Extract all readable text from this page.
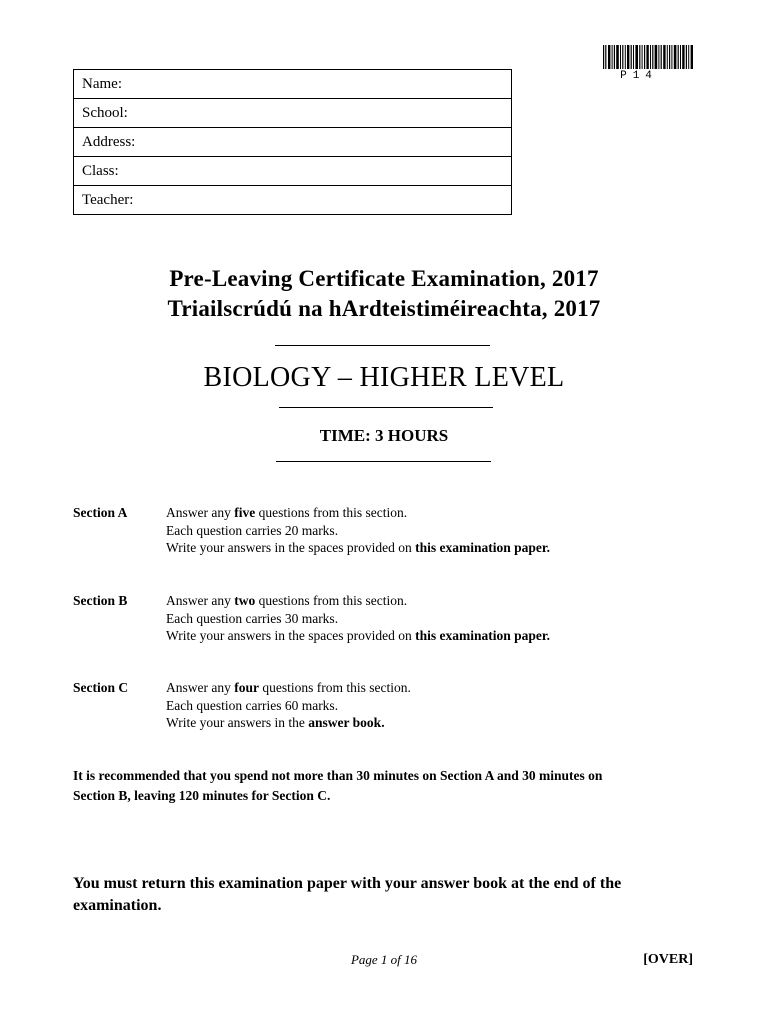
P14
Name:
School:
Address:
Class:
Teacher:
Pre-Leaving Certificate Examination, 2017
Triailscrúdú na hArdteistiméireachta, 2017
BIOLOGY – HIGHER LEVEL
TIME: 3 HOURS
Section A	Answer any five questions from this section.
Each question carries 20 marks.
Write your answers in the spaces provided on this examination paper.
Section B	Answer any two questions from this section.
Each question carries 30 marks.
Write your answers in the spaces provided on this examination paper.
Section C	Answer any four questions from this section.
Each question carries 60 marks.
Write your answers in the answer book.
It is recommended that you spend not more than 30 minutes on Section A and 30 minutes on
Section B, leaving 120 minutes for Section C.
You must return this examination paper with your answer book at the end of the
examination.
Page 1 of 16	[OVER]
